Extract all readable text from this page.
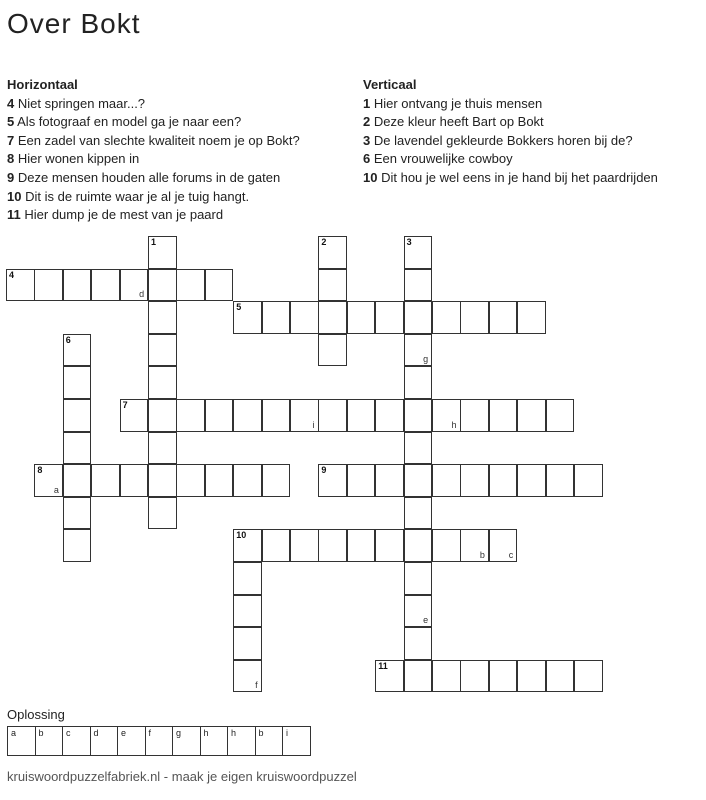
Over Bokt
Horizontaal
4 Niet springen maar...?
5 Als fotograaf en model ga je naar een?
7 Een zadel van slechte kwaliteit noem je op Bokt?
8 Hier wonen kippen in
9 Deze mensen houden alle forums in de gaten
10 Dit is de ruimte waar je al je tuig hangt.
11 Hier dump je de mest van je paard
Verticaal
1 Hier ontvang je thuis mensen
2 Deze kleur heeft Bart op Bokt
3 De lavendel gekleurde Bokkers horen bij de?
6 Een vrouwelijke cowboy
10 Dit hou je wel eens in je hand bij het paardrijden
4
d
5
7
i	h
8
a
9
10
b	c
11
1	2	3
g
e
6
f
Oplossing
a b c	d e f	g h h b i
kruiswoordpuzzelfabriek.nl - maak je eigen kruiswoordpuzzel
